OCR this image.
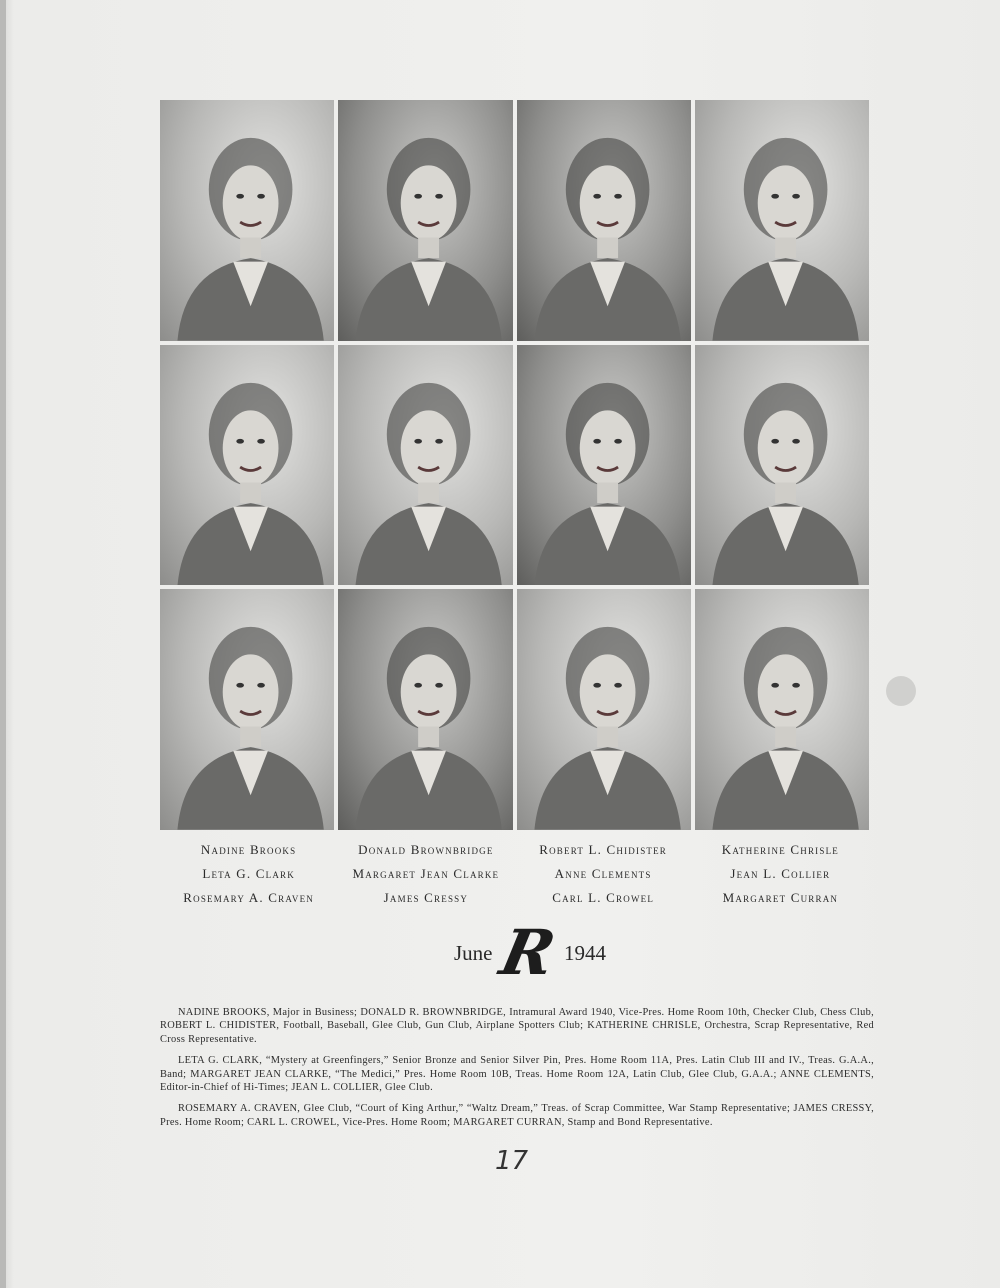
Nadine Brooks
Leta G. Clark
Rosemary A. Craven
Donald Brownbridge
Margaret Jean Clarke
James Cressy
Robert L. Chidister
Anne Clements
Carl L. Crowel
Katherine Chrisle
Jean L. Collier
Margaret Curran
June R 1944

NADINE BROOKS, Major in Business; DONALD R. BROWNBRIDGE, Intramural Award 1940, Vice-Pres. Home Room 10th, Checker Club, Chess Club, ROBERT L. CHIDISTER, Football, Baseball, Glee Club, Gun Club, Airplane Spotters Club; KATHERINE CHRISLE, Orchestra, Scrap Representative, Red Cross Representative.

LETA G. CLARK, “Mystery at Greenfingers,” Senior Bronze and Senior Silver Pin, Pres. Home Room 11A, Pres. Latin Club III and IV., Treas. G.A.A., Band; MARGARET JEAN CLARKE, “The Medici,” Pres. Home Room 10B, Treas. Home Room 12A, Latin Club, Glee Club, G.A.A.; ANNE CLEMENTS, Editor-in-Chief of Hi-Times; JEAN L. COLLIER, Glee Club.

ROSEMARY A. CRAVEN, Glee Club, “Court of King Arthur,” “Waltz Dream,” Treas. of Scrap Committee, War Stamp Representative; JAMES CRESSY, Pres. Home Room; CARL L. CROWEL, Vice-Pres. Home Room; MARGARET CURRAN, Stamp and Bond Representative.

17
